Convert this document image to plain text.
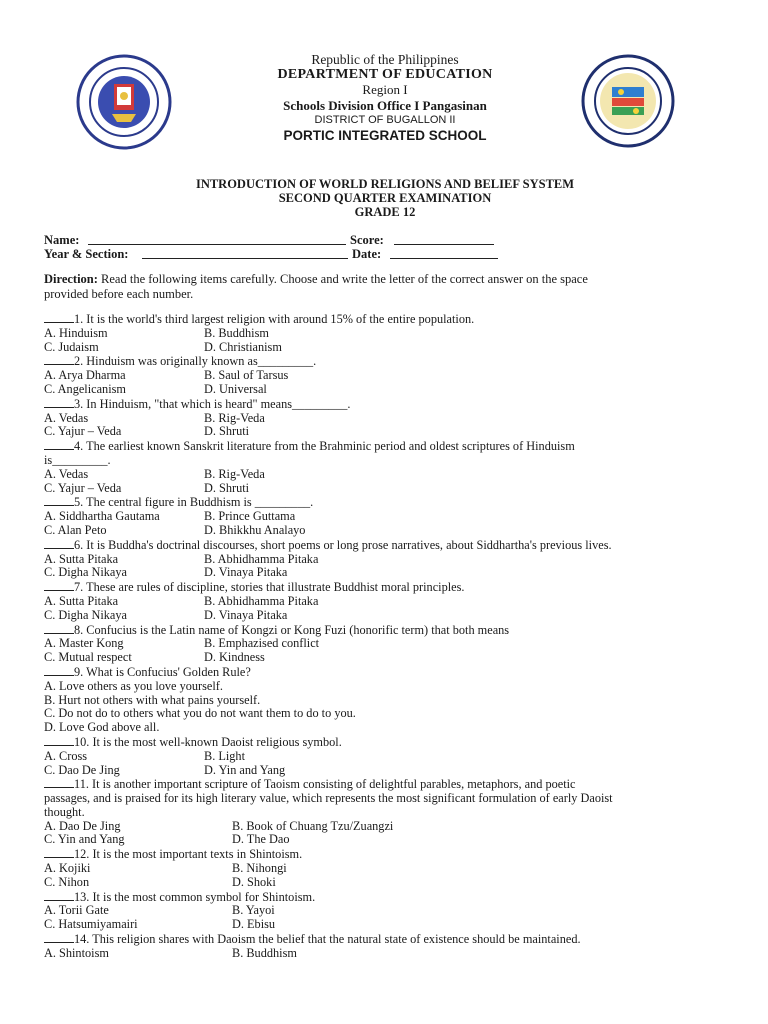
Republic of the Philippines
DEPARTMENT OF EDUCATION
Region I
Schools Division Office I Pangasinan
DISTRICT OF BUGALLON II
PORTIC INTEGRATED SCHOOL
INTRODUCTION OF WORLD RELIGIONS AND BELIEF SYSTEM
SECOND QUARTER EXAMINATION
GRADE 12
Name:	Score:
Year & Section:	Date:
Direction: Read the following items carefully. Choose and write the letter of the correct answer on the space provided before each number.
1. It is the world's third largest religion with around 15% of the entire population.
A. Hinduism	B. Buddhism
C. Judaism	D. Christianism
2. Hinduism was originally known as_________.
A. Arya Dharma	B. Saul of Tarsus
C. Angelicanism	D. Universal
3. In Hinduism, "that which is heard" means_________.
A. Vedas	B. Rig-Veda
C. Yajur – Veda	D. Shruti
4. The earliest known Sanskrit literature from the Brahminic period and oldest scriptures of Hinduism is_________.
A. Vedas	B. Rig-Veda
C. Yajur – Veda	D. Shruti
5. The central figure in Buddhism is _________.
A. Siddhartha Gautama	B. Prince Guttama
C. Alan Peto	D. Bhikkhu Analayo
6. It is Buddha's doctrinal discourses, short poems or long prose narratives, about Siddhartha's previous lives.
A. Sutta Pitaka	B. Abhidhamma Pitaka
C. Digha Nikaya	D. Vinaya Pitaka
7. These are rules of discipline, stories that illustrate Buddhist moral principles.
A. Sutta Pitaka	B. Abhidhamma Pitaka
C. Digha Nikaya	D. Vinaya Pitaka
8. Confucius is the Latin name of Kongzi or Kong Fuzi (honorific term) that both means
A. Master Kong	B. Emphazised conflict
C. Mutual respect	D. Kindness
9. What is Confucius' Golden Rule?
A. Love others as you love yourself.
B. Hurt not others with what pains yourself.
C. Do not do to others what you do not want them to do to you.
D. Love God above all.
10. It is the most well-known Daoist religious symbol.
A. Cross	B. Light
C. Dao De Jing	D. Yin and Yang
11. It is another important scripture of Taoism consisting of delightful parables, metaphors, and poetic passages, and is praised for its high literary value, which represents the most significant formulation of early Daoist thought.
A. Dao De Jing	B. Book of Chuang Tzu/Zuangzi
C. Yin and Yang	D. The Dao
12. It is the most important texts in Shintoism.
A. Kojiki	B. Nihongi
C. Nihon	D. Shoki
13. It is the most common symbol for Shintoism.
A. Torii Gate	B. Yayoi
C. Hatsumiyamairi	D. Ebisu
14. This religion shares with Daoism the belief that the natural state of existence should be maintained.
A. Shintoism	B. Buddhism
